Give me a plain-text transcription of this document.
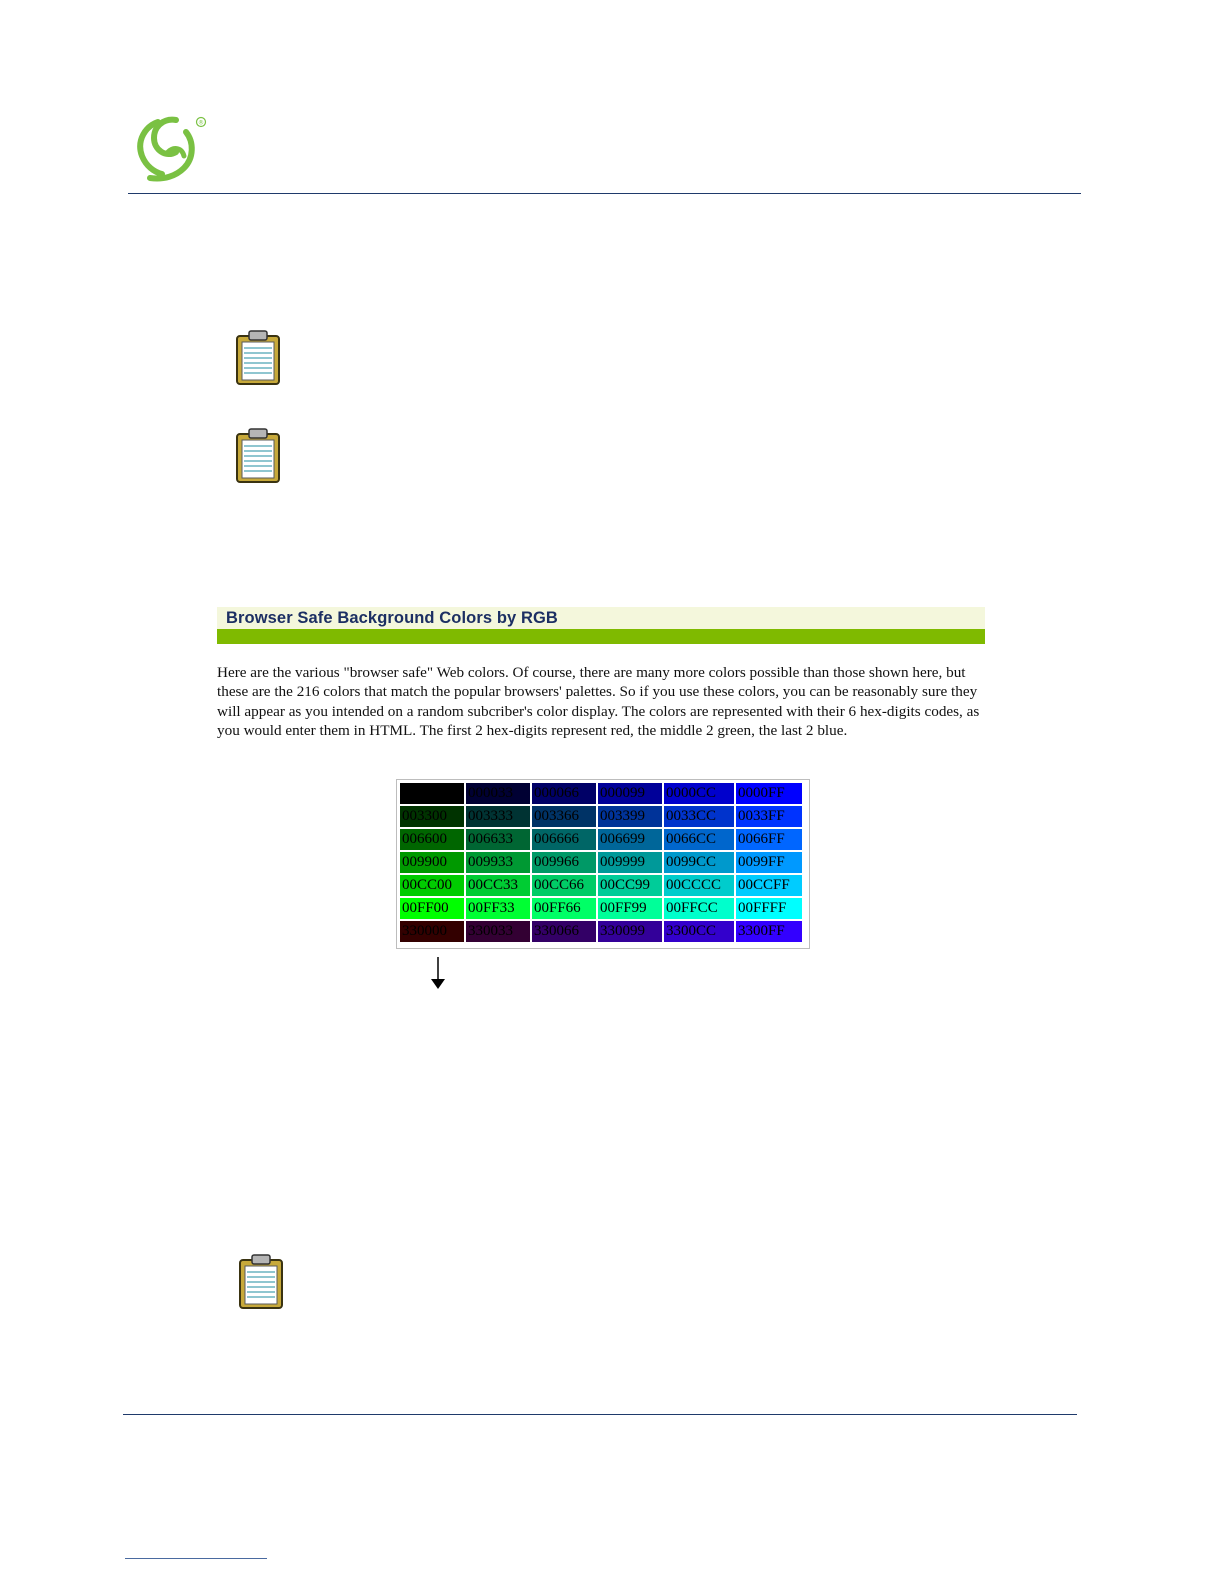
®
Browser Safe Background Colors by RGB

Here are the various "browser safe" Web colors. Of course, there are many more colors possible than those shown here, but these are the 216 colors that match the popular browsers' palettes. So if you use these colors, you can be reasonably sure they will appear as you intended on a random subcriber's color display. The colors are represented with their 6 hex-digits codes, as you would enter them in HTML. The first 2 hex-digits represent red, the middle 2 green, the last 2 blue.

000000	000033	000066	000099	0000CC	0000FF
003300	003333	003366	003399	0033CC	0033FF
006600	006633	006666	006699	0066CC	0066FF
009900	009933	009966	009999	0099CC	0099FF
00CC00	00CC33	00CC66	00CC99	00CCCC	00CCFF
00FF00	00FF33	00FF66	00FF99	00FFCC	00FFFF
330000	330033	330066	330099	3300CC	3300FF
